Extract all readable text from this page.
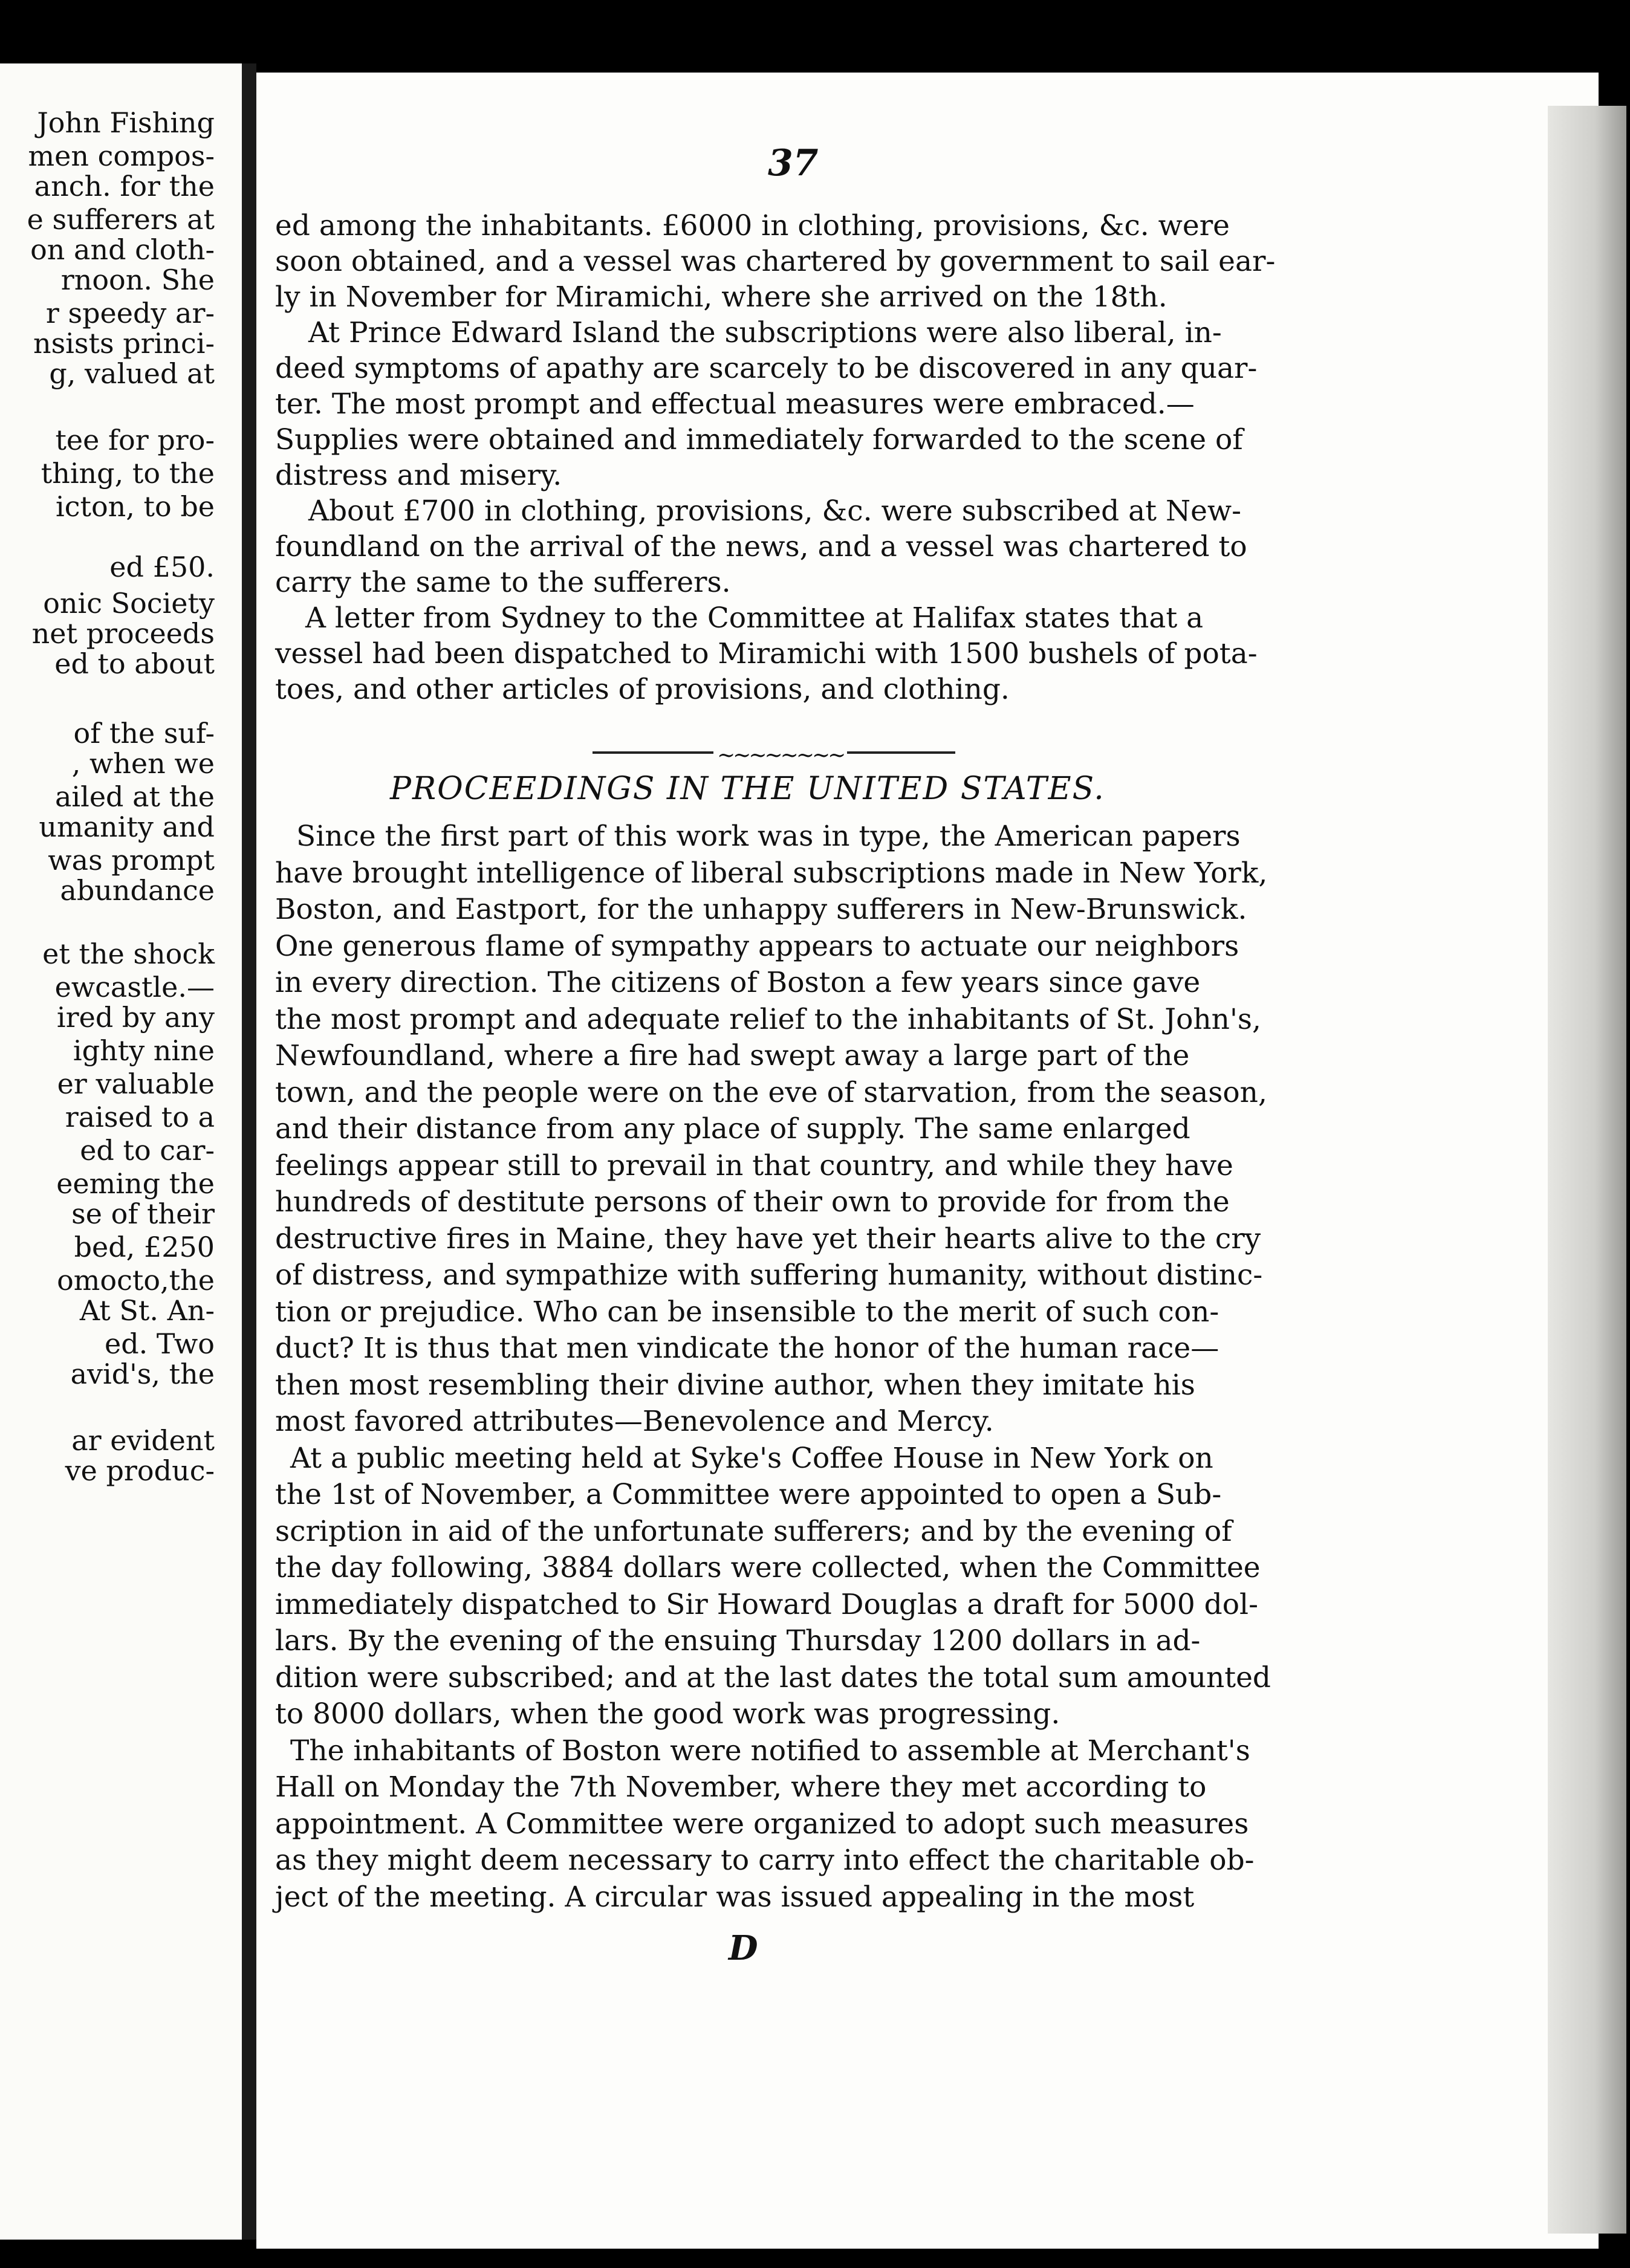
John Fishing
men compos-
anch. for the
e sufferers at
on and cloth-
rnoon. She
r speedy ar-
nsists princi-
g, valued at
tee for pro-
thing, to the
icton, to be
ed £50.
onic Society
net proceeds
ed to about
of the suf-
, when we
ailed at the
umanity and
was prompt
abundance
et the shock
ewcastle.—
ired by any
ighty nine
er valuable
raised to a
ed to car-
eeming the
se of their
bed, £250
omocto,the
At St. An-
ed. Two
avid's, the
ar evident
ve produc-
37
ed among the inhabitants. £6000 in clothing, provisions, &c. were
soon obtained, and a vessel was chartered by government to sail ear-
ly in November for Miramichi, where she arrived on the 18th.
At Prince Edward Island the subscriptions were also liberal, in-
deed symptoms of apathy are scarcely to be discovered in any quar-
ter. The most prompt and effectual measures were embraced.—
Supplies were obtained and immediately forwarded to the scene of
distress and misery.
About £700 in clothing, provisions, &c. were subscribed at New-
foundland on the arrival of the news, and a vessel was chartered to
carry the same to the sufferers.
A letter from Sydney to the Committee at Halifax states that a
vessel had been dispatched to Miramichi with 1500 bushels of pota-
toes, and other articles of provisions, and clothing.
~~~~~~~~
PROCEEDINGS IN THE UNITED STATES.
Since the first part of this work was in type, the American papers
have brought intelligence of liberal subscriptions made in New York,
Boston, and Eastport, for the unhappy sufferers in New-Brunswick.
One generous flame of sympathy appears to actuate our neighbors
in every direction. The citizens of Boston a few years since gave
the most prompt and adequate relief to the inhabitants of St. John's,
Newfoundland, where a fire had swept away a large part of the
town, and the people were on the eve of starvation, from the season,
and their distance from any place of supply. The same enlarged
feelings appear still to prevail in that country, and while they have
hundreds of destitute persons of their own to provide for from the
destructive fires in Maine, they have yet their hearts alive to the cry
of distress, and sympathize with suffering humanity, without distinc-
tion or prejudice. Who can be insensible to the merit of such con-
duct? It is thus that men vindicate the honor of the human race—
then most resembling their divine author, when they imitate his
most favored attributes—Benevolence and Mercy.
At a public meeting held at Syke's Coffee House in New York on
the 1st of November, a Committee were appointed to open a Sub-
scription in aid of the unfortunate sufferers; and by the evening of
the day following, 3884 dollars were collected, when the Committee
immediately dispatched to Sir Howard Douglas a draft for 5000 dol-
lars. By the evening of the ensuing Thursday 1200 dollars in ad-
dition were subscribed; and at the last dates the total sum amounted
to 8000 dollars, when the good work was progressing.
The inhabitants of Boston were notified to assemble at Merchant's
Hall on Monday the 7th November, where they met according to
appointment. A Committee were organized to adopt such measures
as they might deem necessary to carry into effect the charitable ob-
ject of the meeting. A circular was issued appealing in the most
D
